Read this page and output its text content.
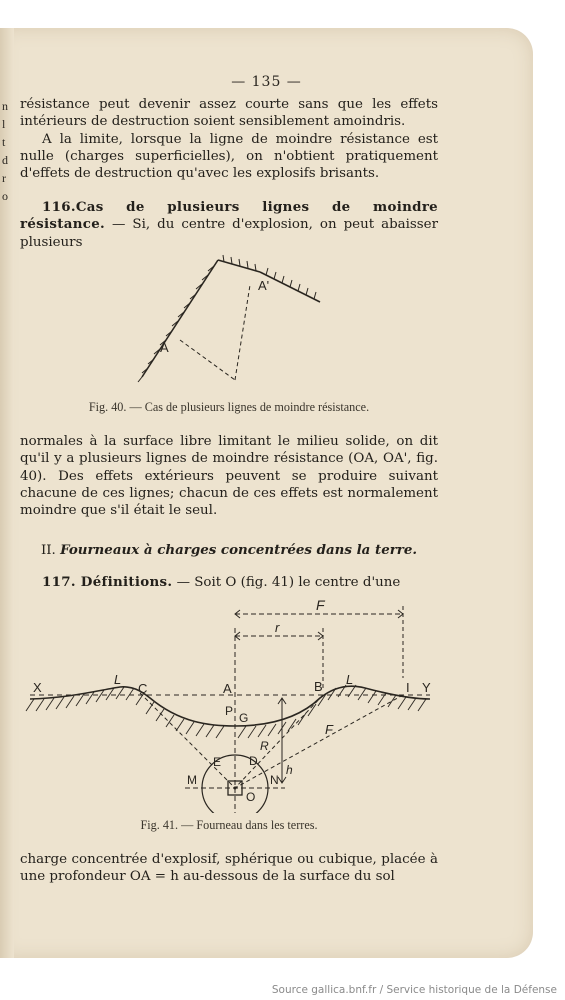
n
l
t
d
r
o
— 135 —

résistance peut devenir assez courte sans que les effets intérieurs de destruction soient sensiblement amoindris.
A la limite, lorsque la ligne de moindre résistance est nulle (charges superficielles), on n'obtient pratiquement d'effets de destruction qu'avec les explosifs brisants.

116.Cas de plusieurs lignes de moindre résistance. — Si, du centre d'explosion, on peut abaisser plusieurs

A
A'
Fig. 40. — Cas de plusieurs lignes de moindre résistance.

normales à la surface libre limitant le milieu solide, on dit qu'il y a plusieurs lignes de moindre résistance (OA, OA', fig. 40). Des effets extérieurs peuvent se produire suivant chacune de ces lignes; chacun de ces effets est normalement moindre que s'il était le seul.

II. Fourneaux à charges concentrées dans la terre.

117. Définitions. — Soit O (fig. 41) le centre d'une

F
r
X
L
C	A	B L
I Y
P G
R
F
E D
M
O
N
h
Fig. 41. — Fourneau dans les terres.

charge concentrée d'explosif, sphérique ou cubique, placée à une profondeur OA = h au-dessous de la surface du sol

Source gallica.bnf.fr / Service historique de la Défense
